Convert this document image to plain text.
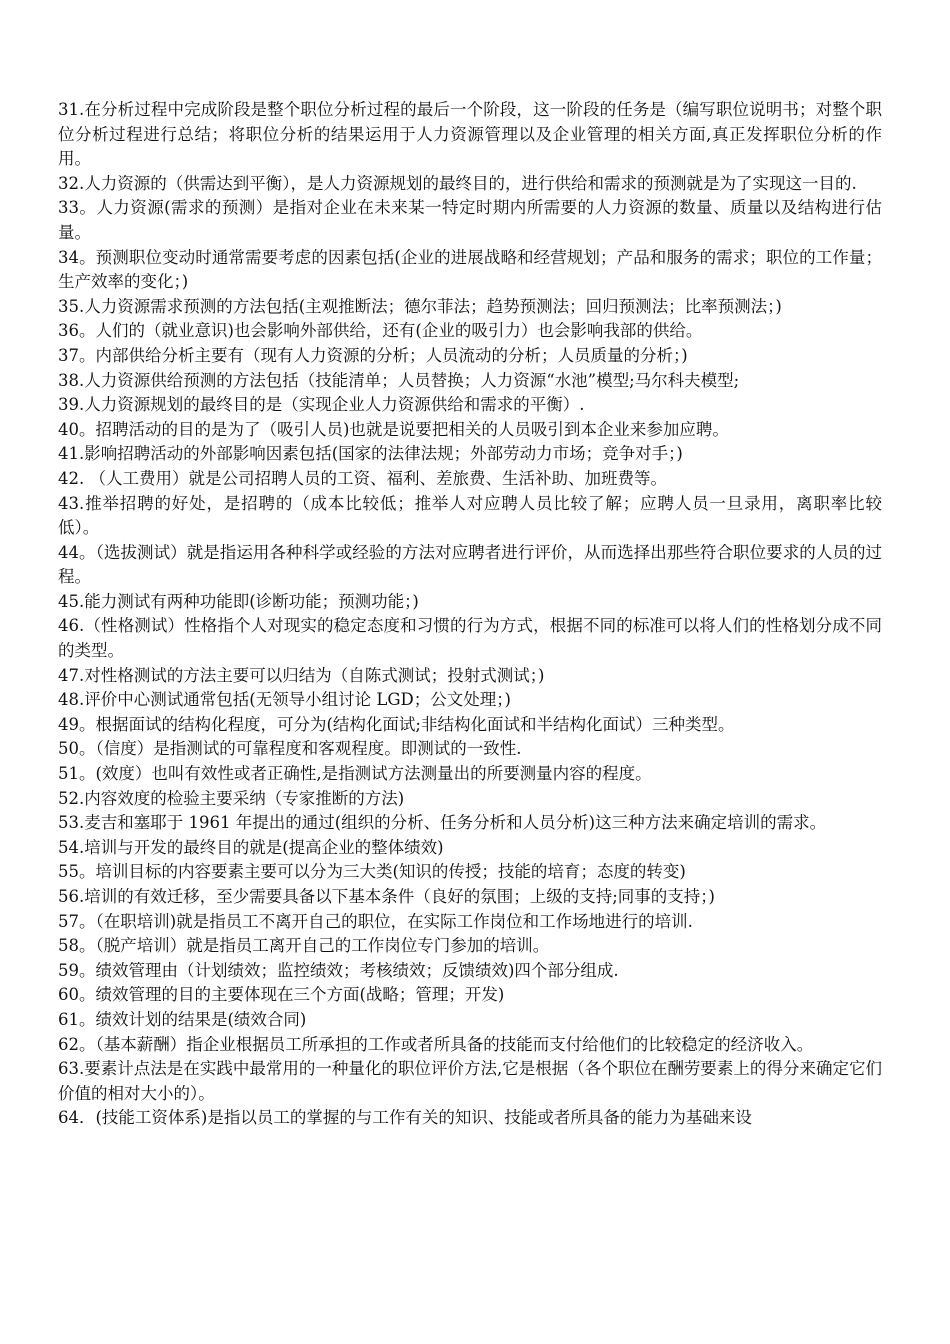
31.在分析过程中完成阶段是整个职位分析过程的最后一个阶段，这一阶段的任务是（编写职位说明书；对整个职位分析过程进行总结；将职位分析的结果运用于人力资源管理以及企业管理的相关方面,真正发挥职位分析的作用。

32.人力资源的（供需达到平衡），是人力资源规划的最终目的，进行供给和需求的预测就是为了实现这一目的.

33。人力资源(需求的预测）是指对企业在未来某一特定时期内所需要的人力资源的数量、质量以及结构进行估量。

34。预测职位变动时通常需要考虑的因素包括(企业的进展战略和经营规划；产品和服务的需求；职位的工作量；生产效率的变化；)

35.人力资源需求预测的方法包括(主观推断法；德尔菲法；趋势预测法；回归预测法；比率预测法；)

36。人们的（就业意识)也会影响外部供给，还有(企业的吸引力）也会影响我部的供给。

37。内部供给分析主要有（现有人力资源的分析；人员流动的分析；人员质量的分析；)

38.人力资源供给预测的方法包括（技能清单；人员替换；人力资源“水池”模型;马尔科夫模型;

39.人力资源规划的最终目的是（实现企业人力资源供给和需求的平衡）.

40。招聘活动的目的是为了（吸引人员)也就是说要把相关的人员吸引到本企业来参加应聘。

41.影响招聘活动的外部影响因素包括(国家的法律法规；外部劳动力市场；竞争对手；)

42. （人工费用）就是公司招聘人员的工资、福利、差旅费、生活补助、加班费等。

43.推举招聘的好处，是招聘的（成本比较低；推举人对应聘人员比较了解；应聘人员一旦录用，离职率比较低）。

44。（选拔测试）就是指运用各种科学或经验的方法对应聘者进行评价，从而选择出那些符合职位要求的人员的过程。

45.能力测试有两种功能即(诊断功能；预测功能；)

46.（性格测试）性格指个人对现实的稳定态度和习惯的行为方式，根据不同的标准可以将人们的性格划分成不同的类型。

47.对性格测试的方法主要可以归结为（自陈式测试；投射式测试；)

48.评价中心测试通常包括(无领导小组讨论 LGD；公文处理；)

49。根据面试的结构化程度，可分为(结构化面试;非结构化面试和半结构化面试）三种类型。

50。（信度）是指测试的可靠程度和客观程度。即测试的一致性.

51。(效度）也叫有效性或者正确性,是指测试方法测量出的所要测量内容的程度。

52.内容效度的检验主要采纳（专家推断的方法)

53.麦吉和塞耶于 1961 年提出的通过(组织的分析、任务分析和人员分析)这三种方法来确定培训的需求。

54.培训与开发的最终目的就是(提高企业的整体绩效)

55。培训目标的内容要素主要可以分为三大类(知识的传授；技能的培育；态度的转变)

56.培训的有效迁移，至少需要具备以下基本条件（良好的氛围；上级的支持;同事的支持；)

57。（在职培训)就是指员工不离开自己的职位，在实际工作岗位和工作场地进行的培训.

58。（脱产培训）就是指员工离开自己的工作岗位专门参加的培训。

59。绩效管理由（计划绩效；监控绩效；考核绩效；反馈绩效)四个部分组成.

60。绩效管理的目的主要体现在三个方面(战略；管理；开发)

61。绩效计划的结果是(绩效合同)

62。（基本薪酬）指企业根据员工所承担的工作或者所具备的技能而支付给他们的比较稳定的经济收入。

63.要素计点法是在实践中最常用的一种量化的职位评价方法,它是根据（各个职位在酬劳要素上的得分来确定它们价值的相对大小的）。

64．(技能工资体系)是指以员工的掌握的与工作有关的知识、技能或者所具备的能力为基础来设
